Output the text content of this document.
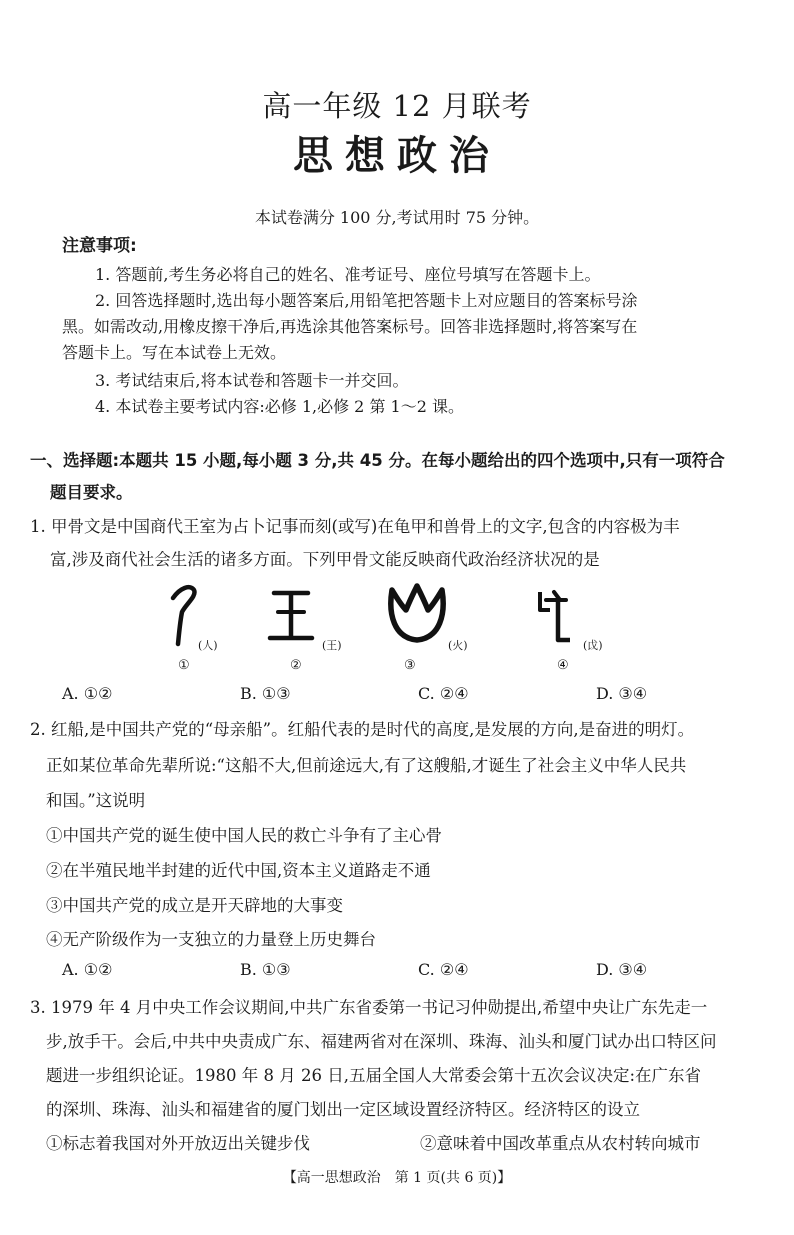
高一年级 12 月联考
思想政治
本试卷满分 100 分,考试用时 75 分钟。
注意事项:
1. 答题前,考生务必将自己的姓名、准考证号、座位号填写在答题卡上。
2. 回答选择题时,选出每小题答案后,用铅笔把答题卡上对应题目的答案标号涂
黑。如需改动,用橡皮擦干净后,再选涂其他答案标号。回答非选择题时,将答案写在
答题卡上。写在本试卷上无效。
3. 考试结束后,将本试卷和答题卡一并交回。
4. 本试卷主要考试内容:必修 1,必修 2 第 1～2 课。
一、选择题:本题共 15 小题,每小题 3 分,共 45 分。在每小题给出的四个选项中,只有一项符合
题目要求。
1. 甲骨文是中国商代王室为占卜记事而刻(或写)在龟甲和兽骨上的文字,包含的内容极为丰
富,涉及商代社会生活的诸多方面。下列甲骨文能反映商代政治经济状况的是
(人)
①
(王)
②
(火)
③
(戉)
④
A. ①②	B. ①③	C. ②④	D. ③④
2. 红船,是中国共产党的“母亲船”。红船代表的是时代的高度,是发展的方向,是奋进的明灯。
正如某位革命先辈所说:“这船不大,但前途远大,有了这艘船,才诞生了社会主义中华人民共
和国。”这说明
①中国共产党的诞生使中国人民的救亡斗争有了主心骨
②在半殖民地半封建的近代中国,资本主义道路走不通
③中国共产党的成立是开天辟地的大事变
④无产阶级作为一支独立的力量登上历史舞台
A. ①②	B. ①③	C. ②④	D. ③④
3. 1979 年 4 月中央工作会议期间,中共广东省委第一书记习仲勋提出,希望中央让广东先走一
步,放手干。会后,中共中央责成广东、福建两省对在深圳、珠海、汕头和厦门试办出口特区问
题进一步组织论证。1980 年 8 月 26 日,五届全国人大常委会第十五次会议决定:在广东省
的深圳、珠海、汕头和福建省的厦门划出一定区域设置经济特区。经济特区的设立
①标志着我国对外开放迈出关键步伐	②意味着中国改革重点从农村转向城市
【高一思想政治　第 1 页(共 6 页)】
